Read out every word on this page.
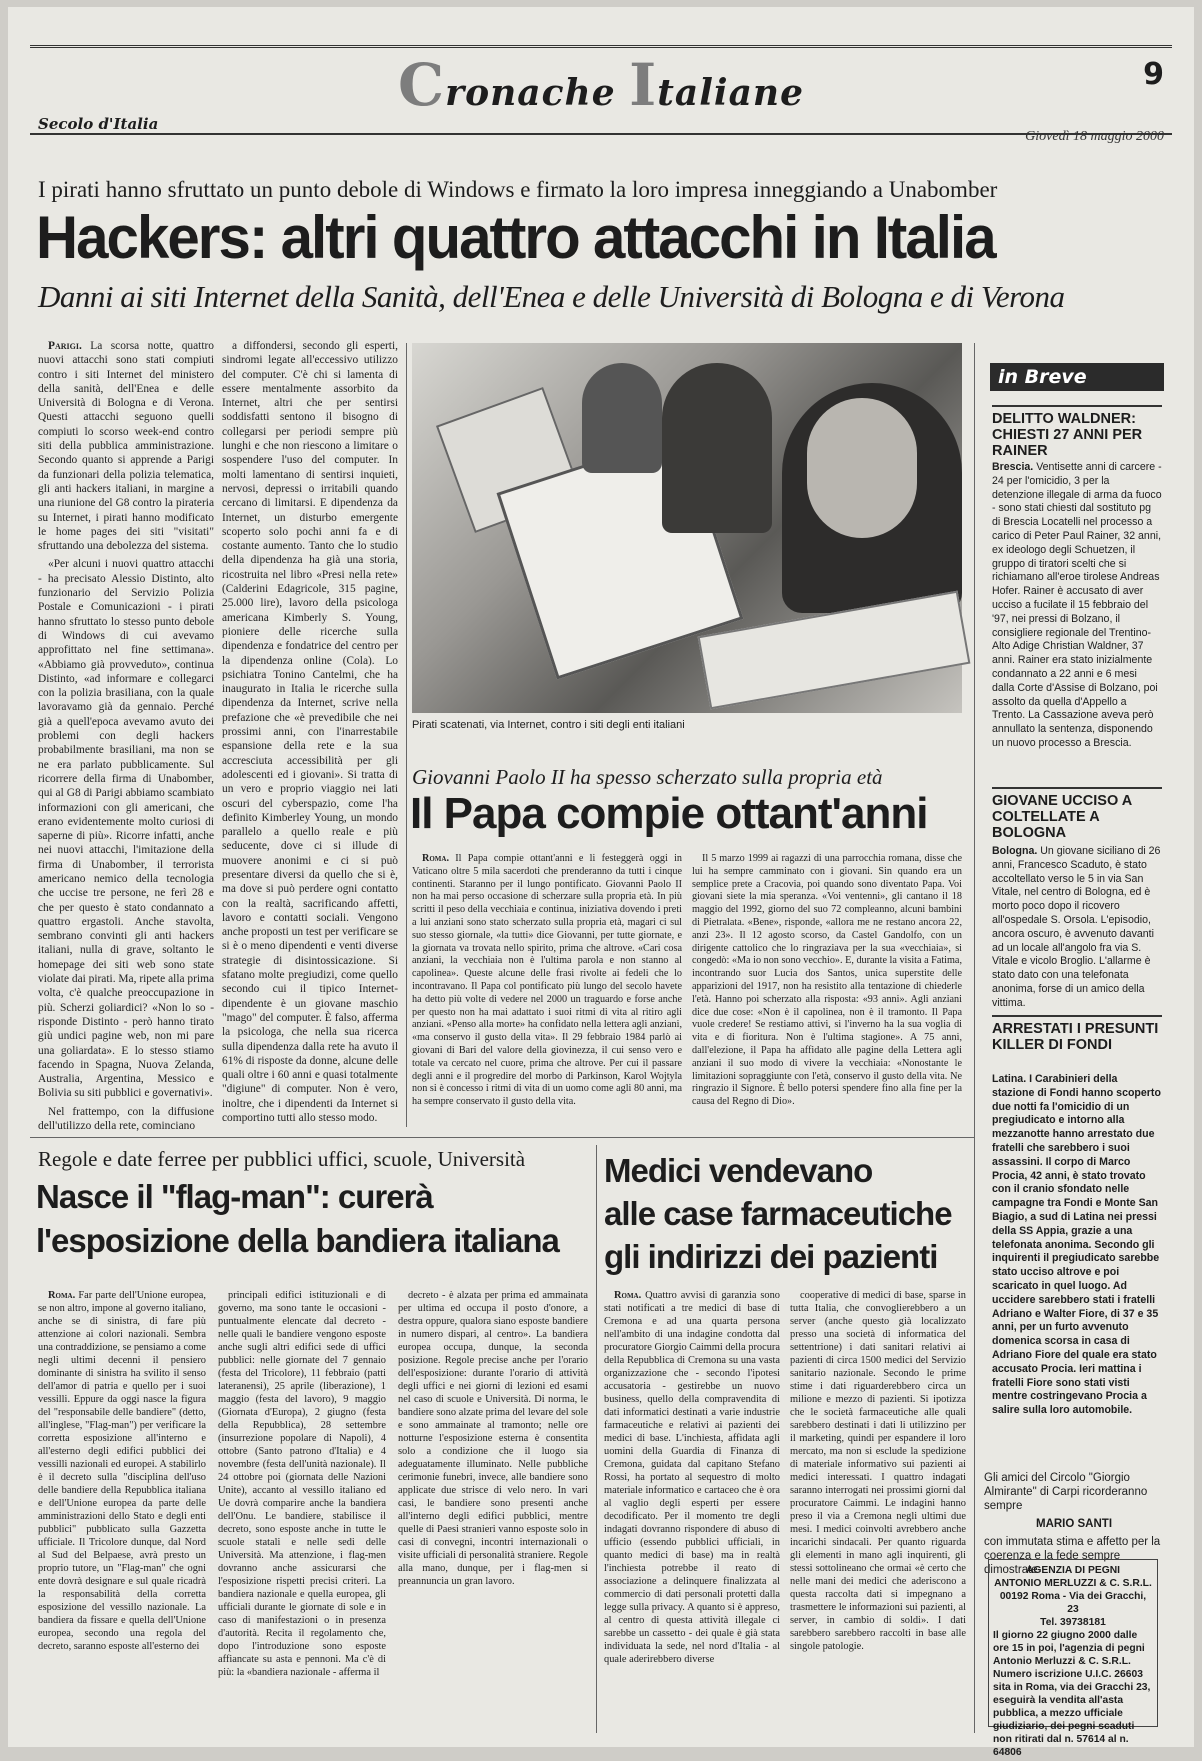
Cronache Italiane	9
Secolo d'Italia
Giovedì 18 maggio 2000
I pirati hanno sfruttato un punto debole di Windows e firmato la loro impresa inneggiando a Unabomber
Hackers: altri quattro attacchi in Italia
Danni ai siti Internet della Sanità, dell'Enea e delle Università di Bologna e di Verona

Parigi. La scorsa notte, quattro nuovi attacchi sono stati compiuti contro i siti Internet del ministero della sanità, dell'Enea e delle Università di Bologna e di Verona. Questi attacchi seguono quelli compiuti lo scorso week-end contro siti della pubblica amministrazione. Secondo quanto si apprende a Parigi da funzionari della polizia telematica, gli anti hackers italiani, in margine a una riunione del G8 contro la pirateria su Internet, i pirati hanno modificato le home pages dei siti "visitati" sfruttando una debolezza del sistema.

«Per alcuni i nuovi quattro attacchi - ha precisato Alessio Distinto, alto funzionario del Servizio Polizia Postale e Comunicazioni - i pirati hanno sfruttato lo stesso punto debole di Windows di cui avevamo approfittato nel fine settimana». «Abbiamo già provveduto», continua Distinto, «ad informare e collegarci con la polizia brasiliana, con la quale lavoravamo già da gennaio. Perché già a quell'epoca avevamo avuto dei problemi con degli hackers probabilmente brasiliani, ma non se ne era parlato pubblicamente. Sul ricorrere della firma di Unabomber, qui al G8 di Parigi abbiamo scambiato informazioni con gli americani, che erano evidentemente molto curiosi di saperne di più». Ricorre infatti, anche nei nuovi attacchi, l'imitazione della firma di Unabomber, il terrorista americano nemico della tecnologia che uccise tre persone, ne ferì 28 e che per questo è stato condannato a quattro ergastoli. Anche stavolta, sembrano convinti gli anti hackers italiani, nulla di grave, soltanto le homepage dei siti web sono state violate dai pirati. Ma, ripete alla prima volta, c'è qualche preoccupazione in più. Scherzi goliardici? «Non lo so - risponde Distinto - però hanno tirato giù undici pagine web, non mi pare una goliardata». E lo stesso stiamo facendo in Spagna, Nuova Zelanda, Australia, Argentina, Messico e Bolivia su siti pubblici e governativi».

Nel frattempo, con la diffusione dell'utilizzo della rete, cominciano

a diffondersi, secondo gli esperti, sindromi legate all'eccessivo utilizzo del computer. C'è chi si lamenta di essere mentalmente assorbito da Internet, altri che per sentirsi soddisfatti sentono il bisogno di collegarsi per periodi sempre più lunghi e che non riescono a limitare o sospendere l'uso del computer. In molti lamentano di sentirsi inquieti, nervosi, depressi o irritabili quando cercano di limitarsi. E dipendenza da Internet, un disturbo emergente scoperto solo pochi anni fa e di costante aumento. Tanto che lo studio della dipendenza ha già una storia, ricostruita nel libro «Presi nella rete» (Calderini Edagricole, 315 pagine, 25.000 lire), lavoro della psicologa americana Kimberly S. Young, pioniere delle ricerche sulla dipendenza e fondatrice del centro per la dipendenza online (Cola). Lo psichiatra Tonino Cantelmi, che ha inaugurato in Italia le ricerche sulla dipendenza da Internet, scrive nella prefazione che «è prevedibile che nei prossimi anni, con l'inarrestabile espansione della rete e la sua accresciuta accessibilità per gli adolescenti ed i giovani». Si tratta di un vero e proprio viaggio nei lati oscuri del cyberspazio, come l'ha definito Kimberley Young, un mondo parallelo a quello reale e più seducente, dove ci si illude di muovere anonimi e ci si può presentare diversi da quello che si è, ma dove si può perdere ogni contatto con la realtà, sacrificando affetti, lavoro e contatti sociali. Vengono anche proposti un test per verificare se si è o meno dipendenti e venti diverse strategie di disintossicazione. Si sfatano molte pregiudizi, come quello secondo cui il tipico Internet-dipendente è un giovane maschio "mago" del computer. È falso, afferma la psicologa, che nella sua ricerca sulla dipendenza dalla rete ha avuto il 61% di risposte da donne, alcune delle quali oltre i 60 anni e quasi totalmente "digiune" di computer. Non è vero, inoltre, che i dipendenti da Internet si comportino tutti allo stesso modo.

Pirati scatenati, via Internet, contro i siti degli enti italiani
Giovanni Paolo II ha spesso scherzato sulla propria età
Il Papa compie ottant'anni

Roma. Il Papa compie ottant'anni e li festeggerà oggi in Vaticano oltre 5 mila sacerdoti che prenderanno da tutti i cinque continenti. Staranno per il lungo pontificato. Giovanni Paolo II non ha mai perso occasione di scherzare sulla propria età. In più scritti il peso della vecchiaia e continua, iniziativa dovendo i preti a lui anziani sono stato scherzato sulla propria età, magari ci sul suo stesso giornale, «la tutti» dice Giovanni, per tutte giornate, e la giornata va trovata nello spirito, prima che altrove. «Cari cosa anziani, la vecchiaia non è l'ultima parola e non stanno al capolinea». Queste alcune delle frasi rivolte ai fedeli che lo incontravano. Il Papa col pontificato più lungo del secolo havete ha detto più volte di vedere nel 2000 un traguardo e forse anche per questo non ha mai adattato i suoi ritmi di vita al ritiro agli anziani. «Penso alla morte» ha confidato nella lettera agli anziani, «ma conservo il gusto della vita». Il 29 febbraio 1984 parlò ai giovani di Bari del valore della giovinezza, il cui senso vero e totale va cercato nel cuore, prima che altrove. Per cui il passare degli anni e il progredire del morbo di Parkinson, Karol Wojtyla non si è concesso i ritmi di vita di un uomo come agli 80 anni, ma ha sempre conservato il gusto della vita.

Il 5 marzo 1999 ai ragazzi di una parrocchia romana, disse che lui ha sempre camminato con i giovani. Sin quando era un semplice prete a Cracovia, poi quando sono diventato Papa. Voi giovani siete la mia speranza. «Voi ventenni», gli cantano il 18 maggio del 1992, giorno del suo 72 compleanno, alcuni bambini di Pietralata. «Bene», risponde, «allora me ne restano ancora 22, anzi 23». Il 12 agosto scorso, da Castel Gandolfo, con un dirigente cattolico che lo ringraziava per la sua «vecchiaia», si congedò: «Ma io non sono vecchio». E, durante la visita a Fatima, incontrando suor Lucia dos Santos, unica superstite delle apparizioni del 1917, non ha resistito alla tentazione di chiederle l'età. Hanno poi scherzato alla risposta: «93 anni». Agli anziani dice due cose: «Non è il capolinea, non è il tramonto. Il Papa vuole credere! Se restiamo attivi, si l'inverno ha la sua voglia di vita e di fioritura. Non è l'ultima stagione». A 75 anni, dall'elezione, il Papa ha affidato alle pagine della Lettera agli anziani il suo modo di vivere la vecchiaia: «Nonostante le limitazioni sopraggiunte con l'età, conservo il gusto della vita. Ne ringrazio il Signore. È bello potersi spendere fino alla fine per la causa del Regno di Dio».

in Breve
DELITTO WALDNER: CHIESTI 27 ANNI PER RAINER
Brescia. Ventisette anni di carcere - 24 per l'omicidio, 3 per la detenzione illegale di arma da fuoco - sono stati chiesti dal sostituto pg di Brescia Locatelli nel processo a carico di Peter Paul Rainer, 32 anni, ex ideologo degli Schuetzen, il gruppo di tiratori scelti che si richiamano all'eroe tirolese Andreas Hofer. Rainer è accusato di aver ucciso a fucilate il 15 febbraio del '97, nei pressi di Bolzano, il consigliere regionale del Trentino-Alto Adige Christian Waldner, 37 anni. Rainer era stato inizialmente condannato a 22 anni e 6 mesi dalla Corte d'Assise di Bolzano, poi assolto da quella d'Appello a Trento. La Cassazione aveva però annullato la sentenza, disponendo un nuovo processo a Brescia.
GIOVANE UCCISO A COLTELLATE A BOLOGNA
Bologna. Un giovane siciliano di 26 anni, Francesco Scaduto, è stato accoltellato verso le 5 in via San Vitale, nel centro di Bologna, ed è morto poco dopo il ricovero all'ospedale S. Orsola. L'episodio, ancora oscuro, è avvenuto davanti ad un locale all'angolo fra via S. Vitale e vicolo Broglio. L'allarme è stato dato con una telefonata anonima, forse di un amico della vittima.
ARRESTATI I PRESUNTI KILLER DI FONDI
Latina. I Carabinieri della stazione di Fondi hanno scoperto due notti fa l'omicidio di un pregiudicato e intorno alla mezzanotte hanno arrestato due fratelli che sarebbero i suoi assassini. Il corpo di Marco Procia, 42 anni, è stato trovato con il cranio sfondato nelle campagne tra Fondi e Monte San Biagio, a sud di Latina nei pressi della SS Appia, grazie a una telefonata anonima. Secondo gli inquirenti il pregiudicato sarebbe stato ucciso altrove e poi scaricato in quel luogo. Ad uccidere sarebbero stati i fratelli Adriano e Walter Fiore, di 37 e 35 anni, per un furto avvenuto domenica scorsa in casa di Adriano Fiore del quale era stato accusato Procia. Ieri mattina i fratelli Fiore sono stati visti mentre costringevano Procia a salire sulla loro automobile.
Regole e date ferree per pubblici uffici, scuole, Università
Nasce il "flag-man": curerà
l'esposizione della bandiera italiana

Roma. Far parte dell'Unione europea, se non altro, impone al governo italiano, anche se di sinistra, di fare più attenzione ai colori nazionali. Sembra una contraddizione, se pensiamo a come negli ultimi decenni il pensiero dominante di sinistra ha svilito il senso dell'amor di patria e quello per i suoi vessilli. Eppure da oggi nasce la figura del "responsabile delle bandiere" (detto, all'inglese, "Flag-man") per verificare la corretta esposizione all'interno e all'esterno degli edifici pubblici dei vessilli nazionali ed europei. A stabilirlo è il decreto sulla "disciplina dell'uso delle bandiere della Repubblica italiana e dell'Unione europea da parte delle amministrazioni dello Stato e degli enti pubblici" pubblicato sulla Gazzetta ufficiale. Il Tricolore dunque, dal Nord al Sud del Belpaese, avrà presto un proprio tutore, un "Flag-man" che ogni ente dovrà designare e sul quale ricadrà la responsabilità della corretta esposizione del vessillo nazionale. La bandiera da fissare e quella dell'Unione europea, secondo una regola del decreto, saranno esposte all'esterno dei

principali edifici istituzionali e di governo, ma sono tante le occasioni - puntualmente elencate dal decreto - nelle quali le bandiere vengono esposte anche sugli altri edifici sede di uffici pubblici: nelle giornate del 7 gennaio (festa del Tricolore), 11 febbraio (patti lateranensi), 25 aprile (liberazione), 1 maggio (festa del lavoro), 9 maggio (Giornata d'Europa), 2 giugno (festa della Repubblica), 28 settembre (insurrezione popolare di Napoli), 4 ottobre (Santo patrono d'Italia) e 4 novembre (festa dell'unità nazionale). Il 24 ottobre poi (giornata delle Nazioni Unite), accanto al vessillo italiano ed Ue dovrà comparire anche la bandiera dell'Onu. Le bandiere, stabilisce il decreto, sono esposte anche in tutte le scuole statali e nelle sedi delle Università. Ma attenzione, i flag-men dovranno anche assicurarsi che l'esposizione rispetti precisi criteri. La bandiera nazionale e quella europea, gli ufficiali durante le giornate di sole e in caso di manifestazioni o in presenza d'autorità. Recita il regolamento che, dopo l'introduzione sono esposte affiancate su asta e pennoni. Ma c'è di più: la «bandiera nazionale - afferma il

decreto - è alzata per prima ed ammainata per ultima ed occupa il posto d'onore, a destra oppure, qualora siano esposte bandiere in numero dispari, al centro». La bandiera europea occupa, dunque, la seconda posizione. Regole precise anche per l'orario dell'esposizione: durante l'orario di attività degli uffici e nei giorni di lezioni ed esami nel caso di scuole e Università. Di norma, le bandiere sono alzate prima del levare del sole e sono ammainate al tramonto; nelle ore notturne l'esposizione esterna è consentita solo a condizione che il luogo sia adeguatamente illuminato. Nelle pubbliche cerimonie funebri, invece, alle bandiere sono applicate due strisce di velo nero. In vari casi, le bandiere sono presenti anche all'interno degli edifici pubblici, mentre quelle di Paesi stranieri vanno esposte solo in casi di convegni, incontri internazionali o visite ufficiali di personalità straniere. Regole alla mano, dunque, per i flag-men si preannuncia un gran lavoro.

Medici vendevano
alle case farmaceutiche
gli indirizzi dei pazienti

Roma. Quattro avvisi di garanzia sono stati notificati a tre medici di base di Cremona e ad una quarta persona nell'ambito di una indagine condotta dal procuratore Giorgio Caimmi della procura della Repubblica di Cremona su una vasta organizzazione che - secondo l'ipotesi accusatoria - gestirebbe un nuovo business, quello della compravendita di dati informatici destinati a varie industrie farmaceutiche e relativi ai pazienti dei medici di base. L'inchiesta, affidata agli uomini della Guardia di Finanza di Cremona, guidata dal capitano Stefano Rossi, ha portato al sequestro di molto materiale informatico e cartaceo che è ora al vaglio degli esperti per essere decodificato. Per il momento tre degli indagati dovranno rispondere di abuso di ufficio (essendo pubblici ufficiali, in quanto medici di base) ma in realtà l'inchiesta potrebbe il reato di associazione a delinquere finalizzata al commercio di dati personali protetti dalla legge sulla privacy. A quanto si è appreso, al centro di questa attività illegale ci sarebbe un cassetto - dei quale è già stata individuata la sede, nel nord d'Italia - al quale aderirebbero diverse

cooperative di medici di base, sparse in tutta Italia, che convoglierebbero a un server (anche questo già localizzato presso una società di informatica del settentrione) i dati sanitari relativi ai pazienti di circa 1500 medici del Servizio sanitario nazionale. Secondo le prime stime i dati riguarderebbero circa un milione e mezzo di pazienti. Si ipotizza che le società farmaceutiche alle quali sarebbero destinati i dati li utilizzino per il marketing, quindi per espandere il loro mercato, ma non si esclude la spedizione di materiale informativo sui pazienti ai medici interessati. I quattro indagati saranno interrogati nei prossimi giorni dal procuratore Caimmi. Le indagini hanno preso il via a Cremona negli ultimi due mesi. I medici coinvolti avrebbero anche incarichi sindacali. Per quanto riguarda gli elementi in mano agli inquirenti, gli stessi sottolineano che ormai «è certo che nelle mani dei medici che aderiscono a questa raccolta dati si impegnano a trasmettere le informazioni sui pazienti, al server, in cambio di soldi». I dati sarebbero sarebbero raccolti in base alle singole patologie.

Gli amici del Circolo "Giorgio Almirante" di Carpi ricorderanno sempre
MARIO SANTI
con immutata stima e affetto per la coerenza e la fede sempre dimostrate
AGENZIA DI PEGNI
ANTONIO MERLUZZI & C. S.R.L.
00192 Roma - Via dei Gracchi, 23
Tel. 39738181
Il giorno 22 giugno 2000 dalle ore 15 in poi, l'agenzia di pegni Antonio Merluzzi & C. S.R.L. Numero iscrizione U.I.C. 26603 sita in Roma, via dei Gracchi 23, eseguirà la vendita all'asta pubblica, a mezzo ufficiale giudiziario, dei pegni scaduti non ritirati dal n. 57614 al n. 64806
